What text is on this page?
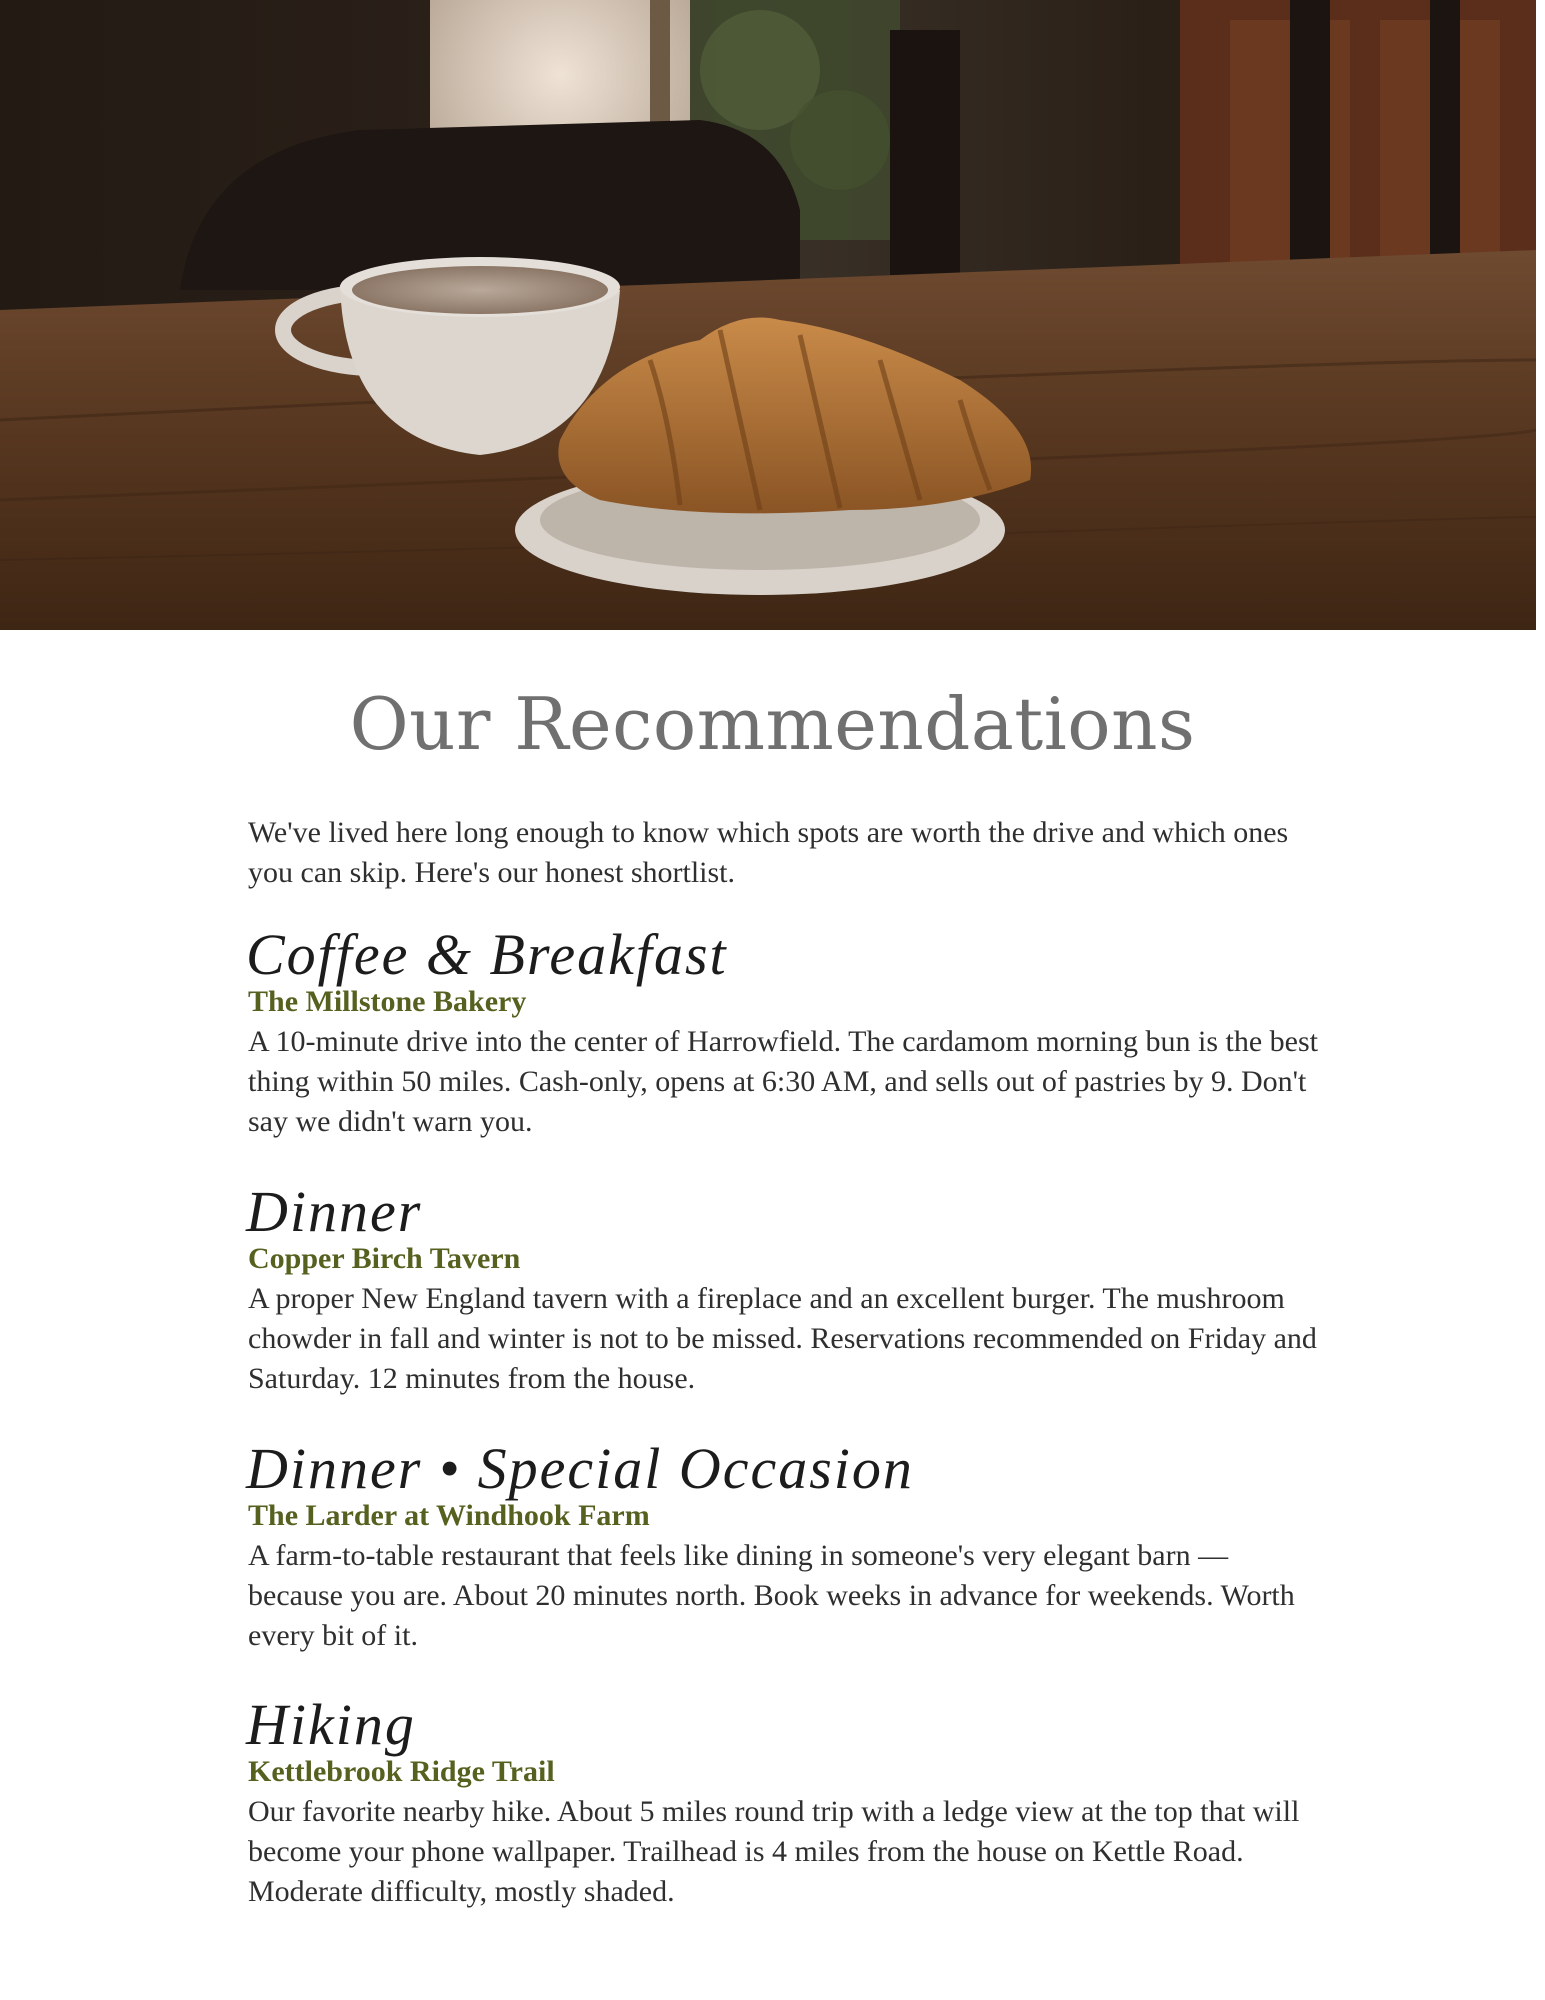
Our Recommendations

We've lived here long enough to know which spots are worth the drive and which ones you can skip. Here's our honest shortlist.

Coffee & Breakfast
The Millstone Bakery

A 10-minute drive into the center of Harrowfield. The cardamom morning bun is the best thing within 50 miles. Cash-only, opens at 6:30 AM, and sells out of pastries by 9. Don't say we didn't warn you.

Dinner
Copper Birch Tavern

A proper New England tavern with a fireplace and an excellent burger. The mushroom chowder in fall and winter is not to be missed. Reservations recommended on Friday and Saturday. 12 minutes from the house.

Dinner • Special Occasion
The Larder at Windhook Farm

A farm-to-table restaurant that feels like dining in someone's very elegant barn — because you are. About 20 minutes north. Book weeks in advance for weekends. Worth every bit of it.

Hiking
Kettlebrook Ridge Trail

Our favorite nearby hike. About 5 miles round trip with a ledge view at the top that will become your phone wallpaper. Trailhead is 4 miles from the house on Kettle Road. Moderate difficulty, mostly shaded.
